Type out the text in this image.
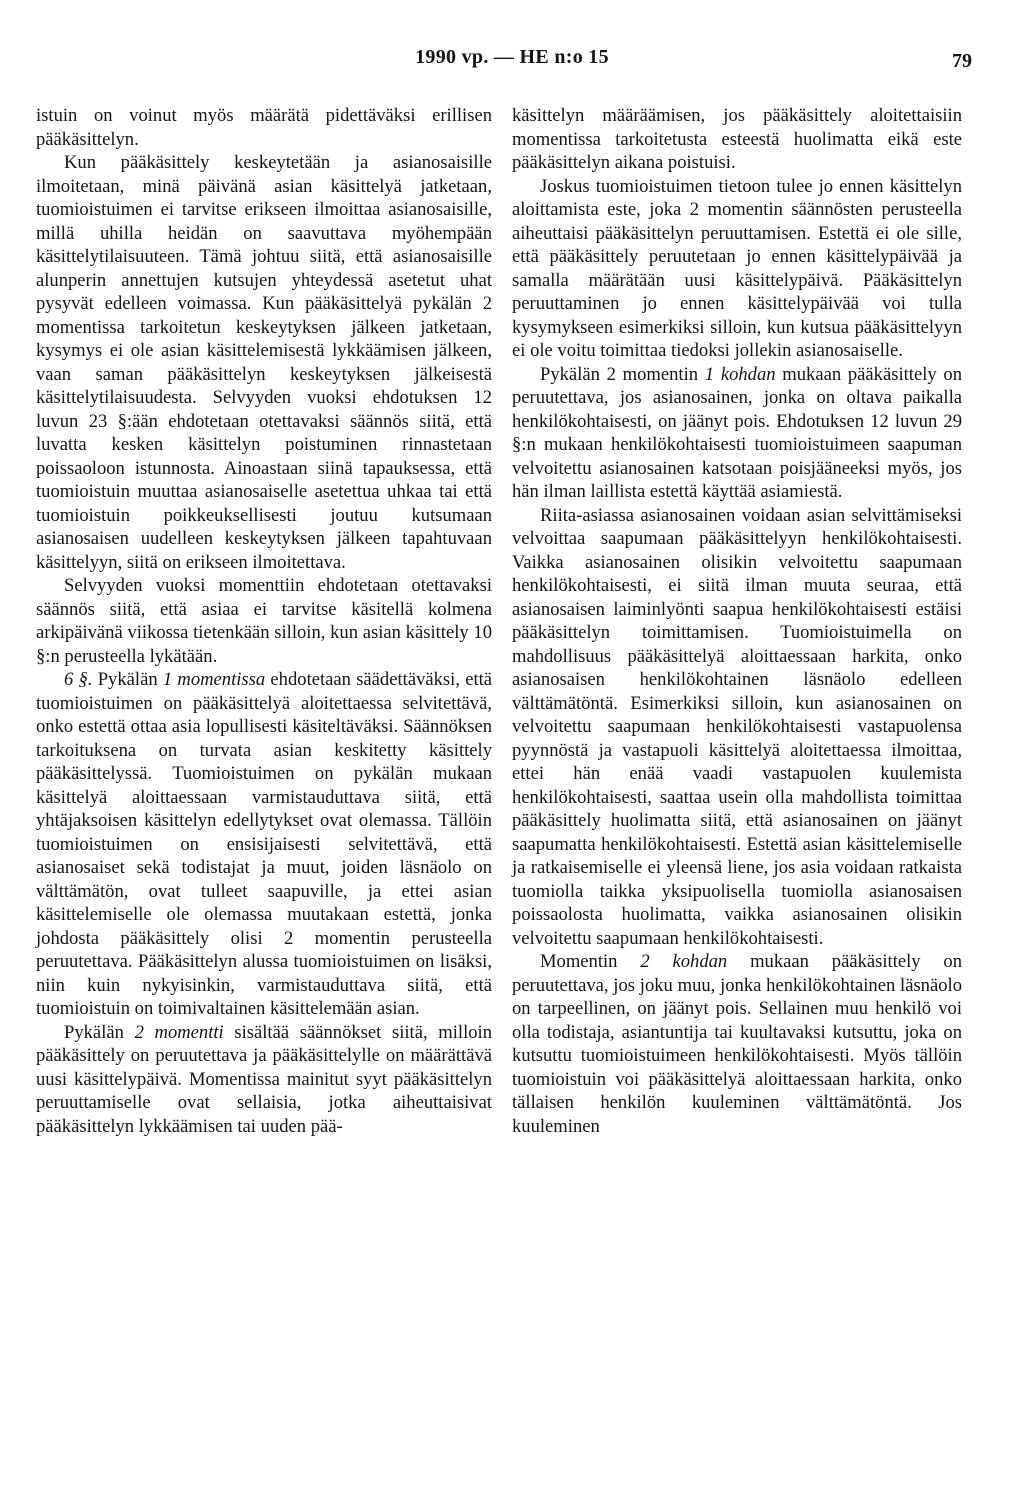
1990 vp. — HE n:o 15	79

istuin on voinut myös määrätä pidettäväksi erillisen pääkäsittelyn.

Kun pääkäsittely keskeytetään ja asianosaisille ilmoitetaan, minä päivänä asian käsittelyä jatketaan, tuomioistuimen ei tarvitse erikseen ilmoittaa asianosaisille, millä uhilla heidän on saavuttava myöhempään käsittelytilaisuuteen. Tämä johtuu siitä, että asianosaisille alunperin annettujen kutsujen yhteydessä asetetut uhat pysyvät edelleen voimassa. Kun pääkäsittelyä pykälän 2 momentissa tarkoitetun keskeytyksen jälkeen jatketaan, kysymys ei ole asian käsittelemisestä lykkäämisen jälkeen, vaan saman pääkäsittelyn keskeytyksen jälkeisestä käsittelytilaisuudesta. Selvyyden vuoksi ehdotuksen 12 luvun 23 §:ään ehdotetaan otettavaksi säännös siitä, että luvatta kesken käsittelyn poistuminen rinnastetaan poissaoloon istunnosta. Ainoastaan siinä tapauksessa, että tuomioistuin muuttaa asianosaiselle asetettua uhkaa tai että tuomioistuin poikkeuksellisesti joutuu kutsumaan asianosaisen uudelleen keskeytyksen jälkeen tapahtuvaan käsittelyyn, siitä on erikseen ilmoitettava.

Selvyyden vuoksi momenttiin ehdotetaan otettavaksi säännös siitä, että asiaa ei tarvitse käsitellä kolmena arkipäivänä viikossa tietenkään silloin, kun asian käsittely 10 §:n perusteella lykätään.

6 §. Pykälän 1 momentissa ehdotetaan säädettäväksi, että tuomioistuimen on pääkäsittelyä aloitettaessa selvitettävä, onko estettä ottaa asia lopullisesti käsiteltäväksi. Säännöksen tarkoituksena on turvata asian keskitetty käsittely pääkäsittelyssä. Tuomioistuimen on pykälän mukaan käsittelyä aloittaessaan varmistauduttava siitä, että yhtäjaksoisen käsittelyn edellytykset ovat olemassa. Tällöin tuomioistuimen on ensisijaisesti selvitettävä, että asianosaiset sekä todistajat ja muut, joiden läsnäolo on välttämätön, ovat tulleet saapuville, ja ettei asian käsittelemiselle ole olemassa muutakaan estettä, jonka johdosta pääkäsittely olisi 2 momentin perusteella peruutettava. Pääkäsittelyn alussa tuomioistuimen on lisäksi, niin kuin nykyisinkin, varmistauduttava siitä, että tuomioistuin on toimivaltainen käsittelemään asian.

Pykälän 2 momentti sisältää säännökset siitä, milloin pääkäsittely on peruutettava ja pääkäsittelylle on määrättävä uusi käsittelypäivä. Momentissa mainitut syyt pääkäsittelyn peruuttamiselle ovat sellaisia, jotka aiheuttaisivat pääkäsittelyn lykkäämisen tai uuden pää-

käsittelyn määräämisen, jos pääkäsittely aloitettaisiin momentissa tarkoitetusta esteestä huolimatta eikä este pääkäsittelyn aikana poistuisi.

Joskus tuomioistuimen tietoon tulee jo ennen käsittelyn aloittamista este, joka 2 momentin säännösten perusteella aiheuttaisi pääkäsittelyn peruuttamisen. Estettä ei ole sille, että pääkäsittely peruutetaan jo ennen käsittelypäivää ja samalla määrätään uusi käsittelypäivä. Pääkäsittelyn peruuttaminen jo ennen käsittelypäivää voi tulla kysymykseen esimerkiksi silloin, kun kutsua pääkäsittelyyn ei ole voitu toimittaa tiedoksi jollekin asianosaiselle.

Pykälän 2 momentin 1 kohdan mukaan pääkäsittely on peruutettava, jos asianosainen, jonka on oltava paikalla henkilökohtaisesti, on jäänyt pois. Ehdotuksen 12 luvun 29 §:n mukaan henkilökohtaisesti tuomioistuimeen saapuman velvoitettu asianosainen katsotaan poisjääneeksi myös, jos hän ilman laillista estettä käyttää asiamiestä.

Riita-asiassa asianosainen voidaan asian selvittämiseksi velvoittaa saapumaan pääkäsittelyyn henkilökohtaisesti. Vaikka asianosainen olisikin velvoitettu saapumaan henkilökohtaisesti, ei siitä ilman muuta seuraa, että asianosaisen laiminlyönti saapua henkilökohtaisesti estäisi pääkäsittelyn toimittamisen. Tuomioistuimella on mahdollisuus pääkäsittelyä aloittaessaan harkita, onko asianosaisen henkilökohtainen läsnäolo edelleen välttämätöntä. Esimerkiksi silloin, kun asianosainen on velvoitettu saapumaan henkilökohtaisesti vastapuolensa pyynnöstä ja vastapuoli käsittelyä aloitettaessa ilmoittaa, ettei hän enää vaadi vastapuolen kuulemista henkilökohtaisesti, saattaa usein olla mahdollista toimittaa pääkäsittely huolimatta siitä, että asianosainen on jäänyt saapumatta henkilökohtaisesti. Estettä asian käsittelemiselle ja ratkaisemiselle ei yleensä liene, jos asia voidaan ratkaista tuomiolla taikka yksipuolisella tuomiolla asianosaisen poissaolosta huolimatta, vaikka asianosainen olisikin velvoitettu saapumaan henkilökohtaisesti.

Momentin 2 kohdan mukaan pääkäsittely on peruutettava, jos joku muu, jonka henkilökohtainen läsnäolo on tarpeellinen, on jäänyt pois. Sellainen muu henkilö voi olla todistaja, asiantuntija tai kuultavaksi kutsuttu, joka on kutsuttu tuomioistuimeen henkilökohtaisesti. Myös tällöin tuomioistuin voi pääkäsittelyä aloittaessaan harkita, onko tällaisen henkilön kuuleminen välttämätöntä. Jos kuuleminen
